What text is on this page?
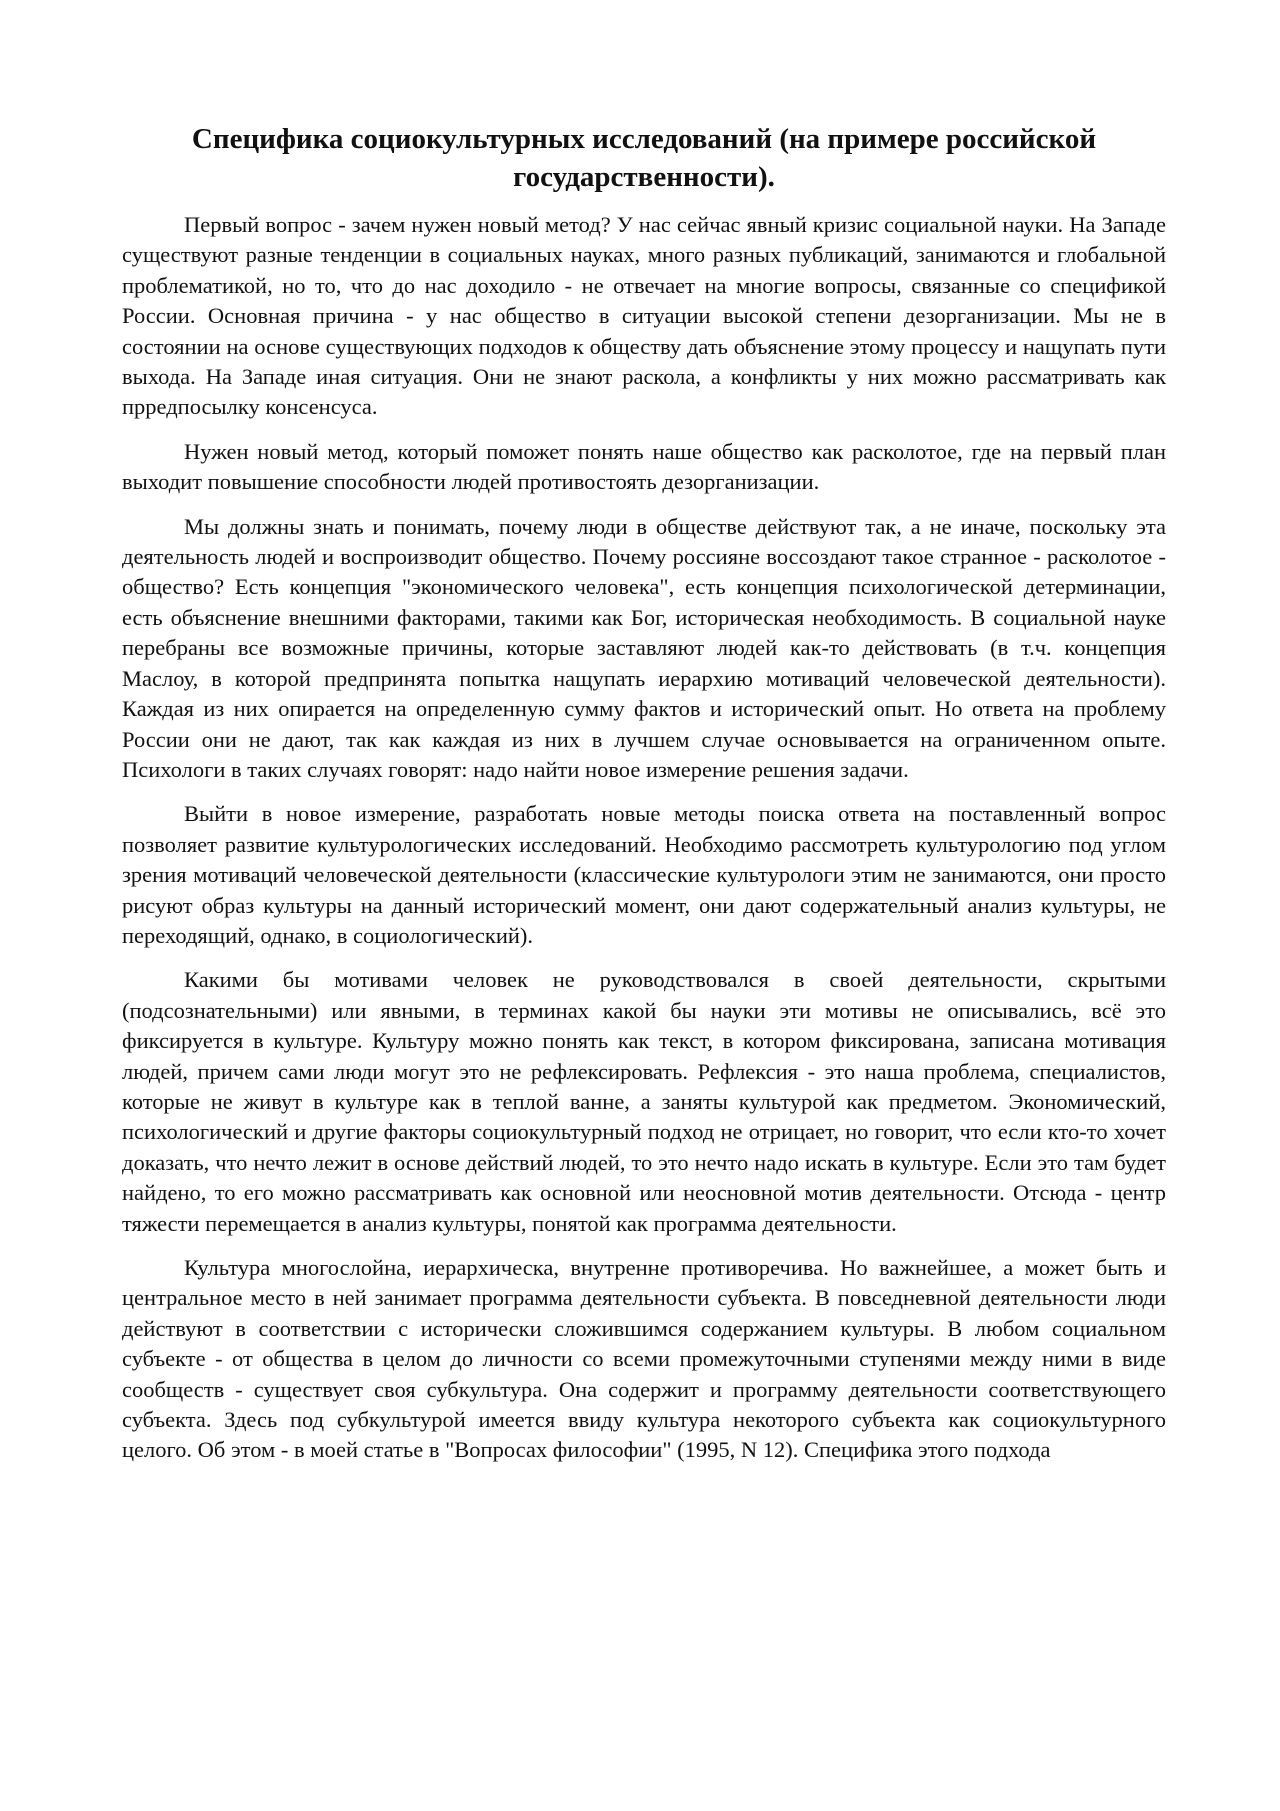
Специфика социокультурных исследований (на примере российской государственности).

Первый вопрос - зачем нужен новый метод? У нас сейчас явный кризис социальной науки. На Западе существуют разные тенденции в социальных науках, много разных публикаций, занимаются и глобальной проблематикой, но то, что до нас доходило - не отвечает на многие вопросы, связанные со спецификой России. Основная причина - у нас общество в ситуации высокой степени дезорганизации. Мы не в состоянии на основе существующих подходов к обществу дать объяснение этому процессу и нащупать пути выхода. На Западе иная ситуация. Они не знают раскола, а конфликты у них можно рассматривать как прредпосылку консенсуса.

Нужен новый метод, который поможет понять наше общество как расколотое, где на первый план выходит повышение способности людей противостоять дезорганизации.

Мы должны знать и понимать, почему люди в обществе действуют так, а не иначе, поскольку эта деятельность людей и воспроизводит общество. Почему россияне воссоздают такое странное - расколотое - общество? Есть концепция "экономического человека", есть концепция психологической детерминации, есть объяснение внешними факторами, такими как Бог, историческая необходимость. В социальной науке перебраны все возможные причины, которые заставляют людей как-то действовать (в т.ч. концепция Маслоу, в которой предпринята попытка нащупать иерархию мотиваций человеческой деятельности). Каждая из них опирается на определенную сумму фактов и исторический опыт. Но ответа на проблему России они не дают, так как каждая из них в лучшем случае основывается на ограниченном опыте. Психологи в таких случаях говорят: надо найти новое измерение решения задачи.

Выйти в новое измерение, разработать новые методы поиска ответа на поставленный вопрос позволяет развитие культурологических исследований. Необходимо рассмотреть культурологию под углом зрения мотиваций человеческой деятельности (классические культурологи этим не занимаются, они просто рисуют образ культуры на данный исторический момент, они дают содержательный анализ культуры, не переходящий, однако, в социологический).

Какими бы мотивами человек не руководствовался в своей деятельности, скрытыми (подсознательными) или явными, в терминах какой бы науки эти мотивы не описывались, всё это фиксируется в культуре. Культуру можно понять как текст, в котором фиксирована, записана мотивация людей, причем сами люди могут это не рефлексировать. Рефлексия - это наша проблема, специалистов, которые не живут в культуре как в теплой ванне, а заняты культурой как предметом. Экономический, психологический и другие факторы социокультурный подход не отрицает, но говорит, что если кто-то хочет доказать, что нечто лежит в основе действий людей, то это нечто надо искать в культуре. Если это там будет найдено, то его можно рассматривать как основной или неосновной мотив деятельности. Отсюда - центр тяжести перемещается в анализ культуры, понятой как программа деятельности.

Культура многослойна, иерархическа, внутренне противоречива. Но важнейшее, а может быть и центральное место в ней занимает программа деятельности субъекта. В повседневной деятельности люди действуют в соответствии с исторически сложившимся содержанием культуры. В любом социальном субъекте - от общества в целом до личности со всеми промежуточными ступенями между ними в виде сообществ - существует своя субкультура. Она содержит и программу деятельности соответствующего субъекта. Здесь под субкультурой имеется ввиду культура некоторого субъекта как социокультурного целого. Об этом - в моей статье в "Вопросах философии" (1995, N 12). Специфика этого подхода
